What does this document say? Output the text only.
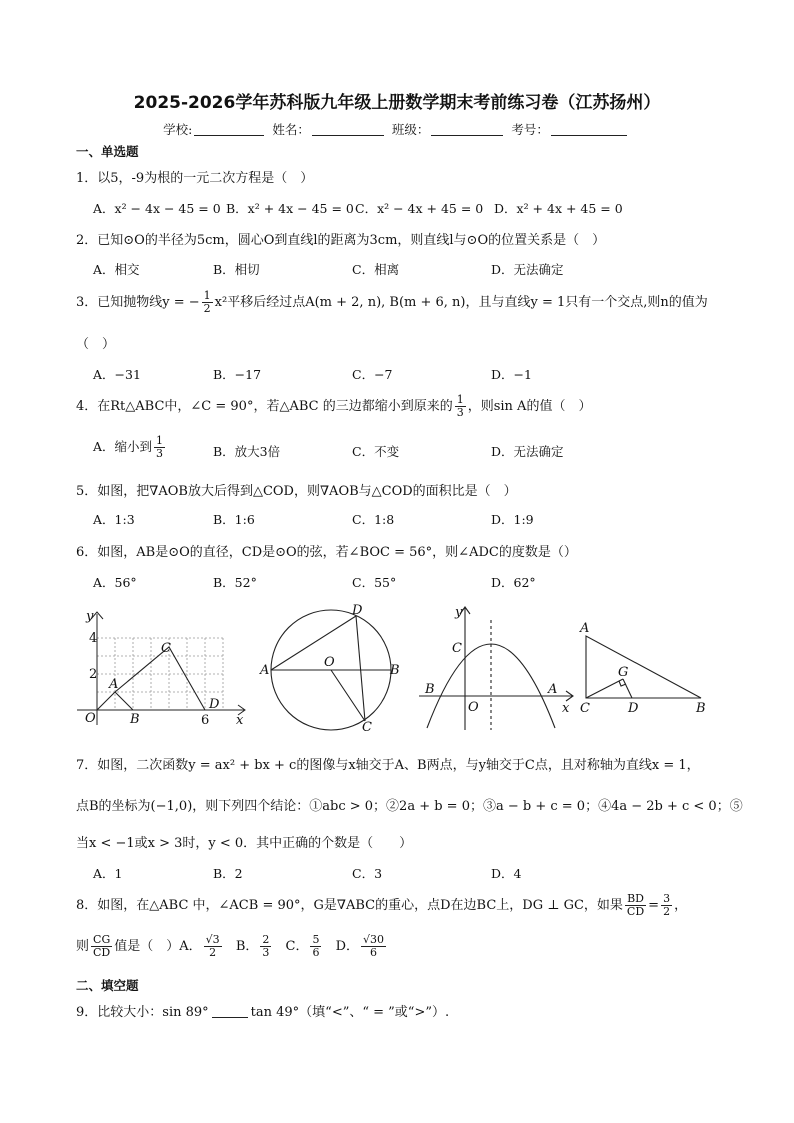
2025-2026学年苏科版九年级上册数学期末考前练习卷（江苏扬州）
学校:	姓名：	班级：	考号：
一、单选题
1．以5，-9为根的一元二次方程是（　）
A．x² − 4x − 45 = 0 B．x² + 4x − 45 = 0 C．x² − 4x + 45 = 0 D．x² + 4x + 45 = 0
2．已知⊙O的半径为5cm，圆心O到直线l的距离为3cm，则直线l与⊙O的位置关系是（　）
A．相交	B．相切	C．相离	D．无法确定
3．已知抛物线y = − $\frac{1}{2} x^2$平移后经过点A(m + 2, n), B(m + 6, n)，且与直线y = 1只有一个交点,则n的值为
（　）
A．−31	B．−17	C．−7	D．−1
4．在Rt△ABC中，∠C = 90°，若△ABC 的三边都缩小到原来的 $\frac{1}{3}$ ，则sin A的值（　）
A．缩小到 $\frac{1}{3}$	B．放大3倍	C．不变	D．无法确定
5．如图，把∇AOB放大后得到△COD，则∇AOB与△COD的面积比是（　）
A．1:3	B．1:6	C．1:8	D．1:9
6．如图，AB是⊙O的直径，CD是⊙O的弦，若∠BOC = 56°，则∠ADC的度数是（）
A．56°	B．52°	C．55°	D．62°
y
4
2
O	6 x
A
B
C
D
A	B
C
D
O
y
x
B	A
C
O
A
B
C	D
G
7．如图，二次函数y = ax² + bx + c的图像与x轴交于A、B两点，与y轴交于C点，且对称轴为直线x = 1，
点B的坐标为(−1,0)，则下列四个结论：①abc > 0；②2a + b = 0；③a − b + c = 0；④4a − 2b + c < 0；⑤
当x < −1或x > 3时，y < 0．其中正确的个数是（　　）
A．1	B．2	C．3	D．4
8．如图，在△ABC 中，∠ACB = 90°，G是∇ABC的重心，点D在边BC上，DG ⊥ GC，如果 $\frac{BD}{CD} = \frac{3}{2}$ ，
则 $\frac{CG}{CD}$ 值是（　）A． $\frac{√3}{2}$ B． $\frac{2}{3}$ C． $\frac{5}{6}$ D． $\frac{√30}{6}$
二、填空题
9．比较大小：sin 89°	tan 49°（填“<”、“ = ”或“>”）.
